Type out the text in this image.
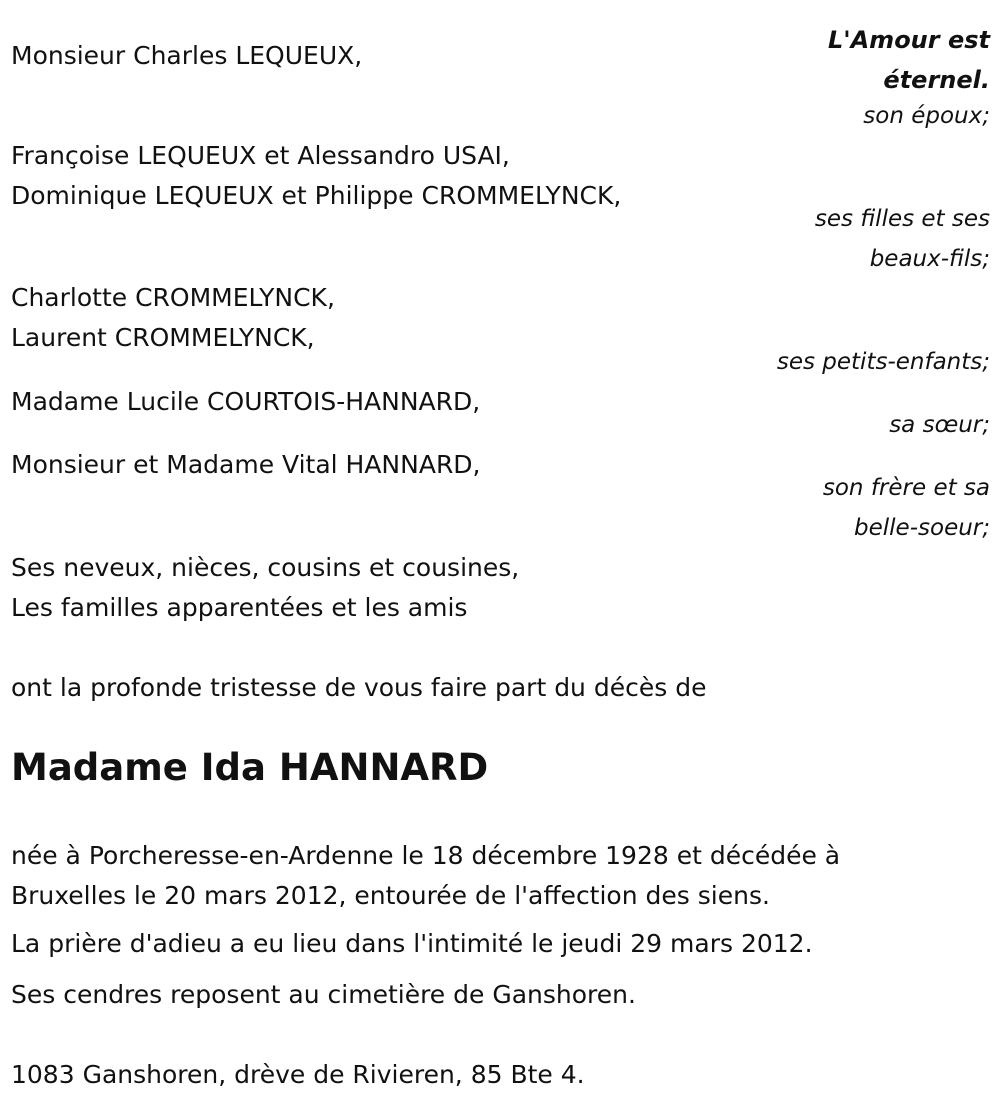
L'Amour est
éternel.
Monsieur Charles LEQUEUX,
son époux;
Françoise LEQUEUX et Alessandro USAI,
Dominique LEQUEUX et Philippe CROMMELYNCK,
ses filles et ses
beaux-fils;
Charlotte CROMMELYNCK,
Laurent CROMMELYNCK,
ses petits-enfants;
Madame Lucile COURTOIS-HANNARD,
sa sœur;
Monsieur et Madame Vital HANNARD,
son frère et sa
belle-soeur;
Ses neveux, nièces, cousins et cousines,
Les familles apparentées et les amis
ont la profonde tristesse de vous faire part du décès de
Madame Ida HANNARD
née à Porcheresse-en-Ardenne le 18 décembre 1928 et décédée à
Bruxelles le 20 mars 2012, entourée de l'affection des siens.
La prière d'adieu a eu lieu dans l'intimité le jeudi 29 mars 2012.
Ses cendres reposent au cimetière de Ganshoren.
1083 Ganshoren, drève de Rivieren, 85 Bte 4.
